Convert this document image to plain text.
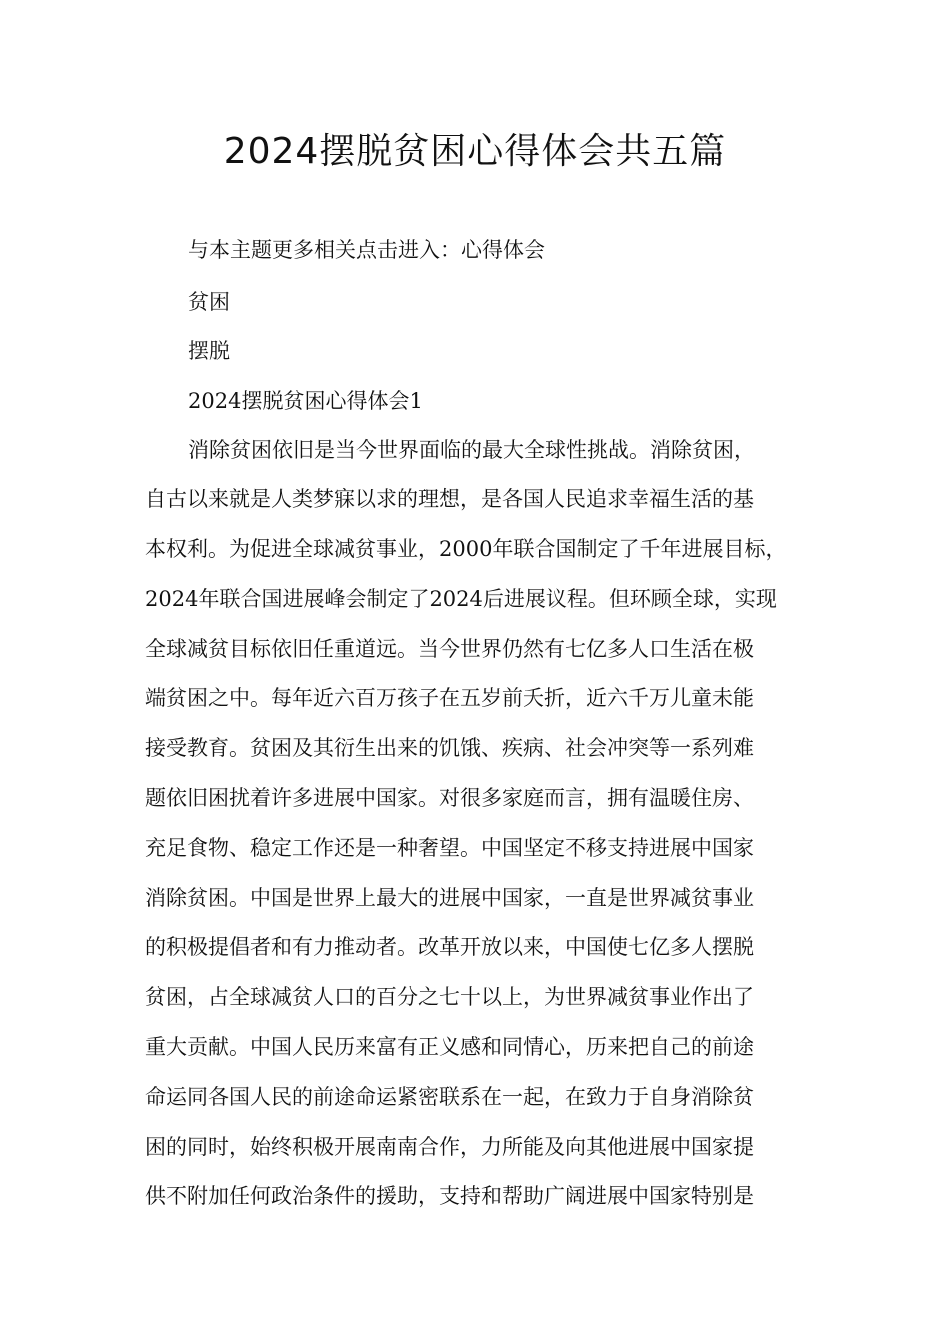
2024摆脱贫困心得体会共五篇

与本主题更多相关点击进入：心得体会

贫困

摆脱

2024摆脱贫困心得体会1

消除贫困依旧是当今世界面临的最大全球性挑战。消除贫困，

自古以来就是人类梦寐以求的理想，是各国人民追求幸福生活的基

本权利。为促进全球减贫事业，2000年联合国制定了千年进展目标，

2024年联合国进展峰会制定了2024后进展议程。但环顾全球，实现

全球减贫目标依旧任重道远。当今世界仍然有七亿多人口生活在极

端贫困之中。每年近六百万孩子在五岁前夭折，近六千万儿童未能

接受教育。贫困及其衍生出来的饥饿、疾病、社会冲突等一系列难

题依旧困扰着许多进展中国家。对很多家庭而言，拥有温暖住房、

充足食物、稳定工作还是一种奢望。中国坚定不移支持进展中国家

消除贫困。中国是世界上最大的进展中国家，一直是世界减贫事业

的积极提倡者和有力推动者。改革开放以来，中国使七亿多人摆脱

贫困，占全球减贫人口的百分之七十以上，为世界减贫事业作出了

重大贡献。中国人民历来富有正义感和同情心，历来把自己的前途

命运同各国人民的前途命运紧密联系在一起，在致力于自身消除贫

困的同时，始终积极开展南南合作，力所能及向其他进展中国家提

供不附加任何政治条件的援助，支持和帮助广阔进展中国家特别是
